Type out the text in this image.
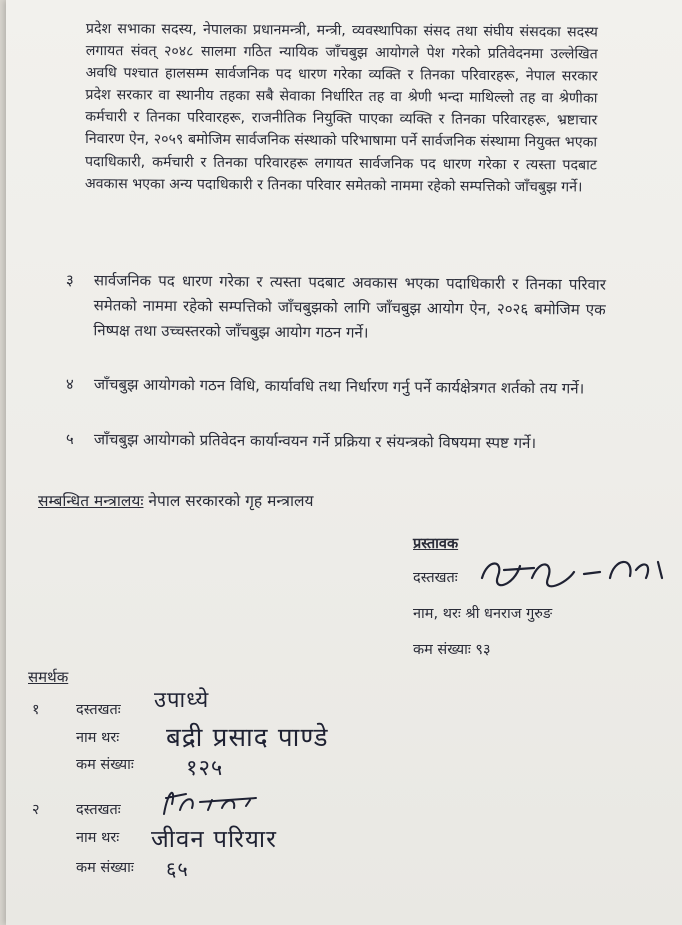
प्रदेश सभाका सदस्य, नेपालका प्रधानमन्त्री, मन्त्री, व्यवस्थापिका संसद तथा संघीय संसदका सदस्य लगायत संवत् २०४८ सालमा गठित न्यायिक जाँचबुझ आयोगले पेश गरेको प्रतिवेदनमा उल्लेखित अवधि पश्चात हालसम्म सार्वजनिक पद धारण गरेका व्यक्ति र तिनका परिवारहरू, नेपाल सरकार प्रदेश सरकार वा स्थानीय तहका सबै सेवाका निर्धारित तह वा श्रेणी भन्दा माथिल्लो तह वा श्रेणीका कर्मचारी र तिनका परिवारहरू, राजनीतिक नियुक्ति पाएका व्यक्ति र तिनका परिवारहरू, भ्रष्टाचार निवारण ऐन, २०५९ बमोजिम सार्वजनिक संस्थाको परिभाषामा पर्ने सार्वजनिक संस्थामा नियुक्त भएका पदाधिकारी, कर्मचारी र तिनका परिवारहरू लगायत सार्वजनिक पद धारण गरेका र त्यस्ता पदबाट अवकास भएका अन्य पदाधिकारी र तिनका परिवार समेतको नाममा रहेको सम्पत्तिको जाँचबुझ गर्ने।
३	सार्वजनिक पद धारण गरेका र त्यस्ता पदबाट अवकास भएका पदाधिकारी र तिनका परिवार समेतको नाममा रहेको सम्पत्तिको जाँचबुझको लागि जाँचबुझ आयोग ऐन, २०२६ बमोजिम एक निष्पक्ष तथा उच्चस्तरको जाँचबुझ आयोग गठन गर्ने।
४	जाँचबुझ आयोगको गठन विधि, कार्यावधि तथा निर्धारण गर्नु पर्ने कार्यक्षेत्रगत शर्तको तय गर्ने।
५	जाँचबुझ आयोगको प्रतिवेदन कार्यान्वयन गर्ने प्रक्रिया र संयन्त्रको विषयमा स्पष्ट गर्ने।
सम्बन्धित मन्त्रालयः नेपाल सरकारको गृह मन्त्रालय
प्रस्तावक
दस्तखतः
नाम, थरः श्री धनराज गुरुङ
कम संख्याः ९३
समर्थक
१	दस्तखतः उपाध्ये
नाम थरः बद्री प्रसाद पाण्डे
कम संख्याः १२५
२	दस्तखतः
नाम थरः जीवन परियार
कम संख्याः ६५
